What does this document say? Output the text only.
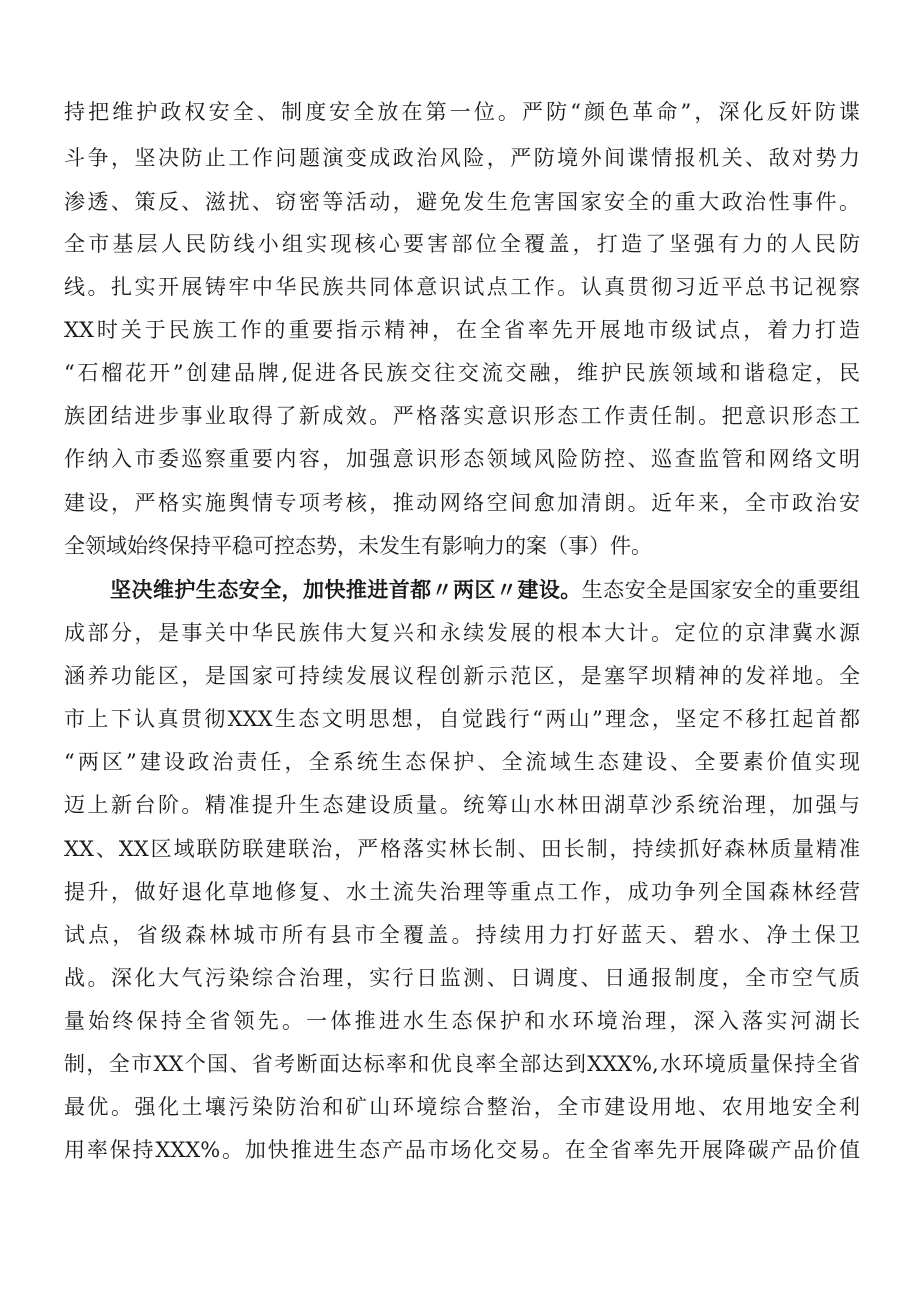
持把维护政权安全、制度安全放在第一位。严防“颜色革命”，深化反奸防谍
斗争，坚决防止工作问题演变成政治风险，严防境外间谍情报机关、敌对势力
渗透、策反、滋扰、窃密等活动，避免发生危害国家安全的重大政治性事件。
全市基层人民防线小组实现核心要害部位全覆盖，打造了坚强有力的人民防
线。扎实开展铸牢中华民族共同体意识试点工作。认真贯彻习近平总书记视察
XX时关于民族工作的重要指示精神，在全省率先开展地市级试点，着力打造
“石榴花开”创建品牌,促进各民族交往交流交融，维护民族领域和谐稳定，民
族团结进步事业取得了新成效。严格落实意识形态工作责任制。把意识形态工
作纳入市委巡察重要内容，加强意识形态领域风险防控、巡查监管和网络文明
建设，严格实施舆情专项考核，推动网络空间愈加清朗。近年来，全市政治安
全领域始终保持平稳可控态势，未发生有影响力的案（事）件。
坚决维护生态安全，加快推进首都〃两区〃建设。生态安全是国家安全的重要组
成部分，是事关中华民族伟大复兴和永续发展的根本大计。定位的京津冀水源
涵养功能区，是国家可持续发展议程创新示范区，是塞罕坝精神的发祥地。全
市上下认真贯彻XXX生态文明思想，自觉践行“两山”理念，坚定不移扛起首都
“两区”建设政治责任，全系统生态保护、全流域生态建设、全要素价值实现
迈上新台阶。精准提升生态建设质量。统筹山水林田湖草沙系统治理，加强与
XX、XX区域联防联建联治，严格落实林长制、田长制，持续抓好森林质量精准
提升，做好退化草地修复、水土流失治理等重点工作，成功争列全国森林经营
试点，省级森林城市所有县市全覆盖。持续用力打好蓝天、碧水、净土保卫
战。深化大气污染综合治理，实行日监测、日调度、日通报制度，全市空气质
量始终保持全省领先。一体推进水生态保护和水环境治理，深入落实河湖长
制，全市XX个国、省考断面达标率和优良率全部达到XXX%,水环境质量保持全省
最优。强化土壤污染防治和矿山环境综合整治，全市建设用地、农用地安全利
用率保持XXX%。加快推进生态产品市场化交易。在全省率先开展降碳产品价值
